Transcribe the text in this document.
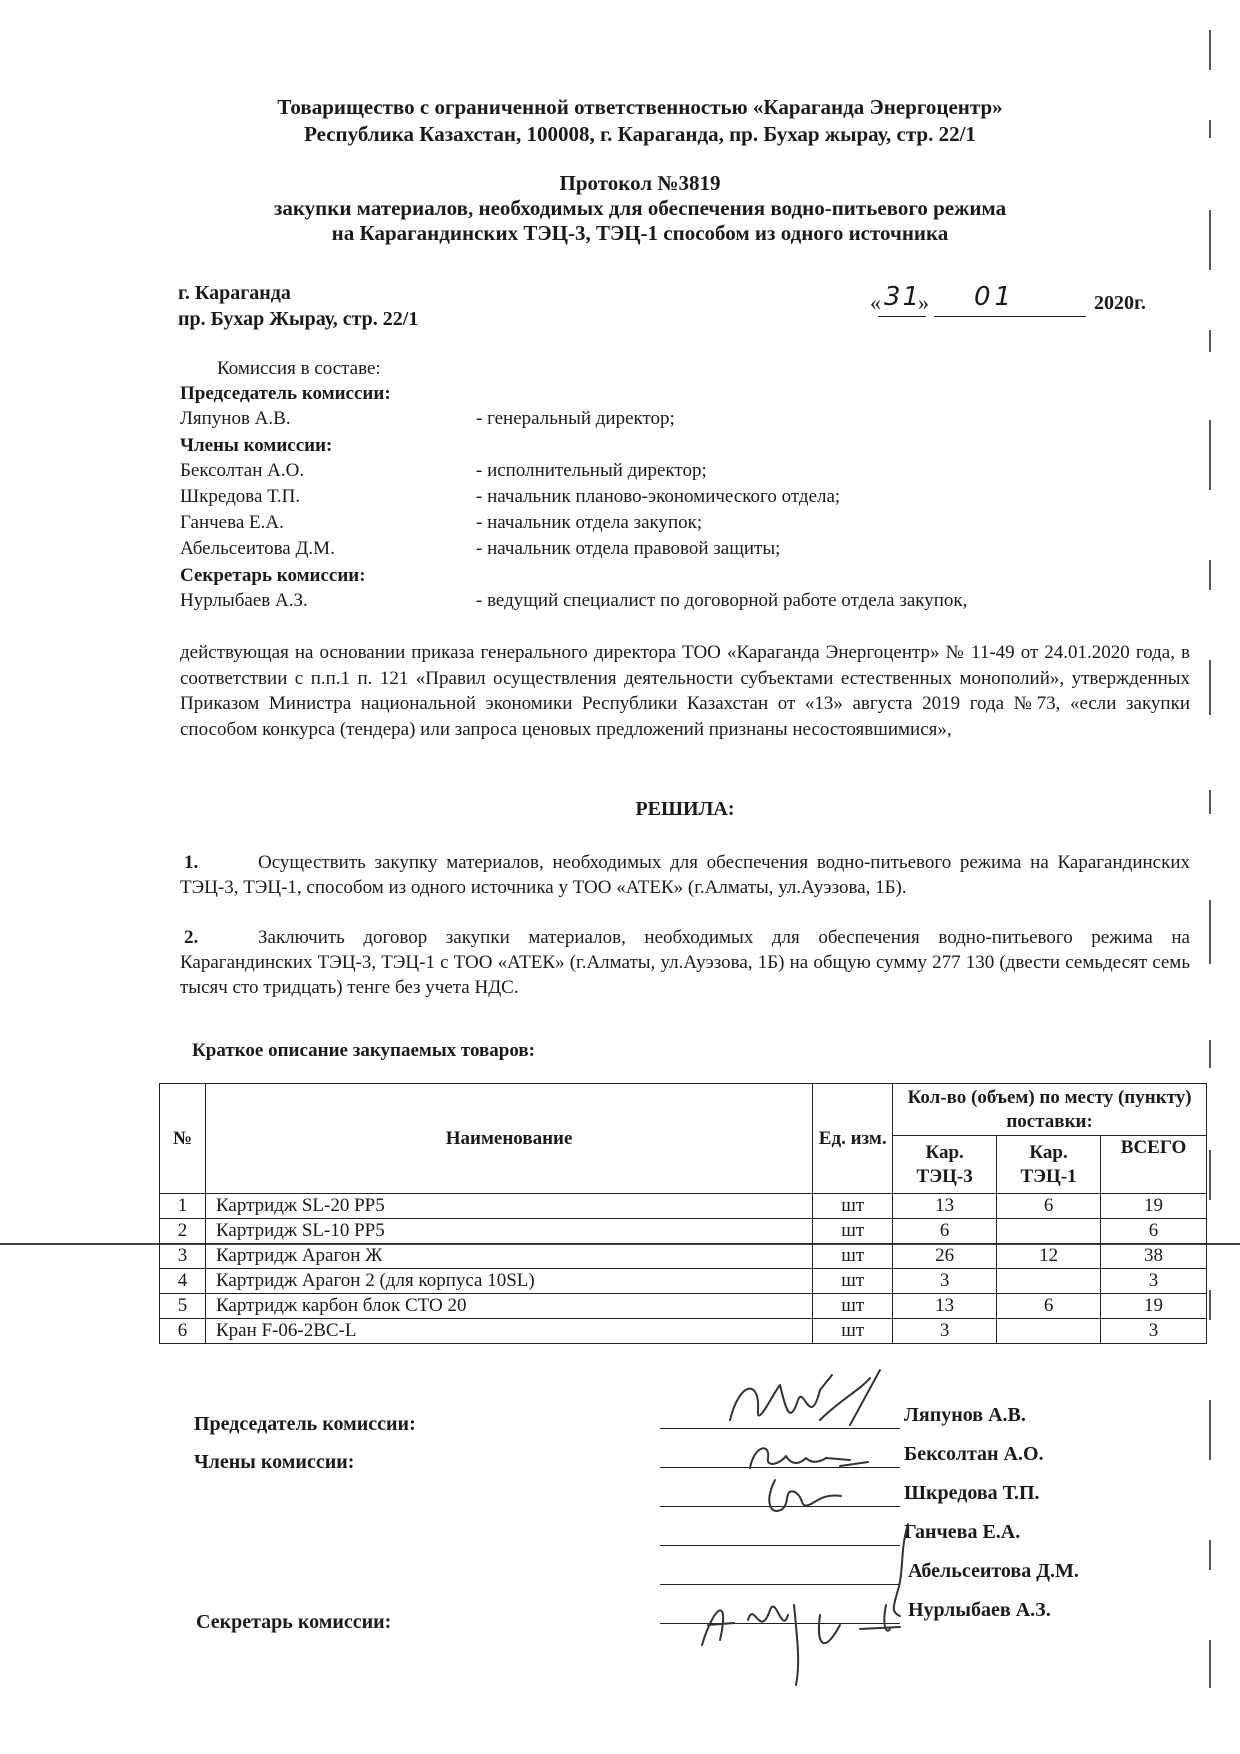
Товарищество с ограниченной ответственностью «Караганда Энергоцентр»
Республика Казахстан, 100008, г. Караганда, пр. Бухар жырау, стр. 22/1
Протокол №3819
закупки материалов, необходимых для обеспечения водно-питьевого режима
на Карагандинских ТЭЦ-3, ТЭЦ-1 способом из одного источника
г. Караганда
пр. Бухар Жырау, стр. 22/1
« 31
» 01	2020г.
Комиссия в составе:
Председатель комиссии:
Ляпунов А.В.	- генеральный директор;
Члены комиссии:
Бексолтан А.О.	- исполнительный директор;
Шкредова Т.П.	- начальник планово-экономического отдела;
Ганчева Е.А.	- начальник отдела закупок;
Абельсеитова Д.М.	- начальник отдела правовой защиты;
Секретарь комиссии:
Нурлыбаев А.З.	- ведущий специалист по договорной работе отдела закупок,
действующая на основании приказа генерального директора ТОО «Караганда Энергоцентр» № 11-49 от 24.01.2020 года, в соответствии с п.п.1 п. 121 «Правил осуществления деятельности субъектами естественных монополий», утвержденных Приказом Министра национальной экономики Республики Казахстан от «13» августа 2019 года №73, «если закупки способом конкурса (тендера) или запроса ценовых предложений признаны несостоявшимися»,
РЕШИЛА:
1.	Осуществить закупку материалов, необходимых для обеспечения водно-питьевого режима на Карагандинских ТЭЦ-3, ТЭЦ-1, способом из одного источника у ТОО «АТЕК» (г.Алматы, ул.Ауэзова, 1Б).
2.	Заключить договор закупки материалов, необходимых для обеспечения водно-питьевого режима на Карагандинских ТЭЦ-3, ТЭЦ-1 с ТОО «АТЕК» (г.Алматы, ул.Ауэзова, 1Б) на общую сумму 277 130 (двести семьдесят семь тысяч сто тридцать) тенге без учета НДС.
Краткое описание закупаемых товаров:
№	Наименование	Ед. изм.	Кол-во (объем) по месту (пункту) поставки:		
			Кар. ТЭЦ-3	Кар. ТЭЦ-1	ВСЕГО
1	Картридж SL-20 PP5	шт	13	6	19
2	Картридж SL-10 PP5	шт	6		6
3	Картридж Арагон Ж	шт	26	12	38
4	Картридж Арагон 2 (для корпуса 10SL)	шт	3		3
5	Картридж карбон блок СТО 20	шт	13	6	19
6	Кран F-06-2BC-L	шт	3		3
Председатель комиссии:
Члены комиссии:
Секретарь комиссии:
Ляпунов А.В.
Бексолтан А.О.
Шкредова Т.П.
Ганчева Е.А.
Абельсеитова Д.М.
Нурлыбаев А.З.
